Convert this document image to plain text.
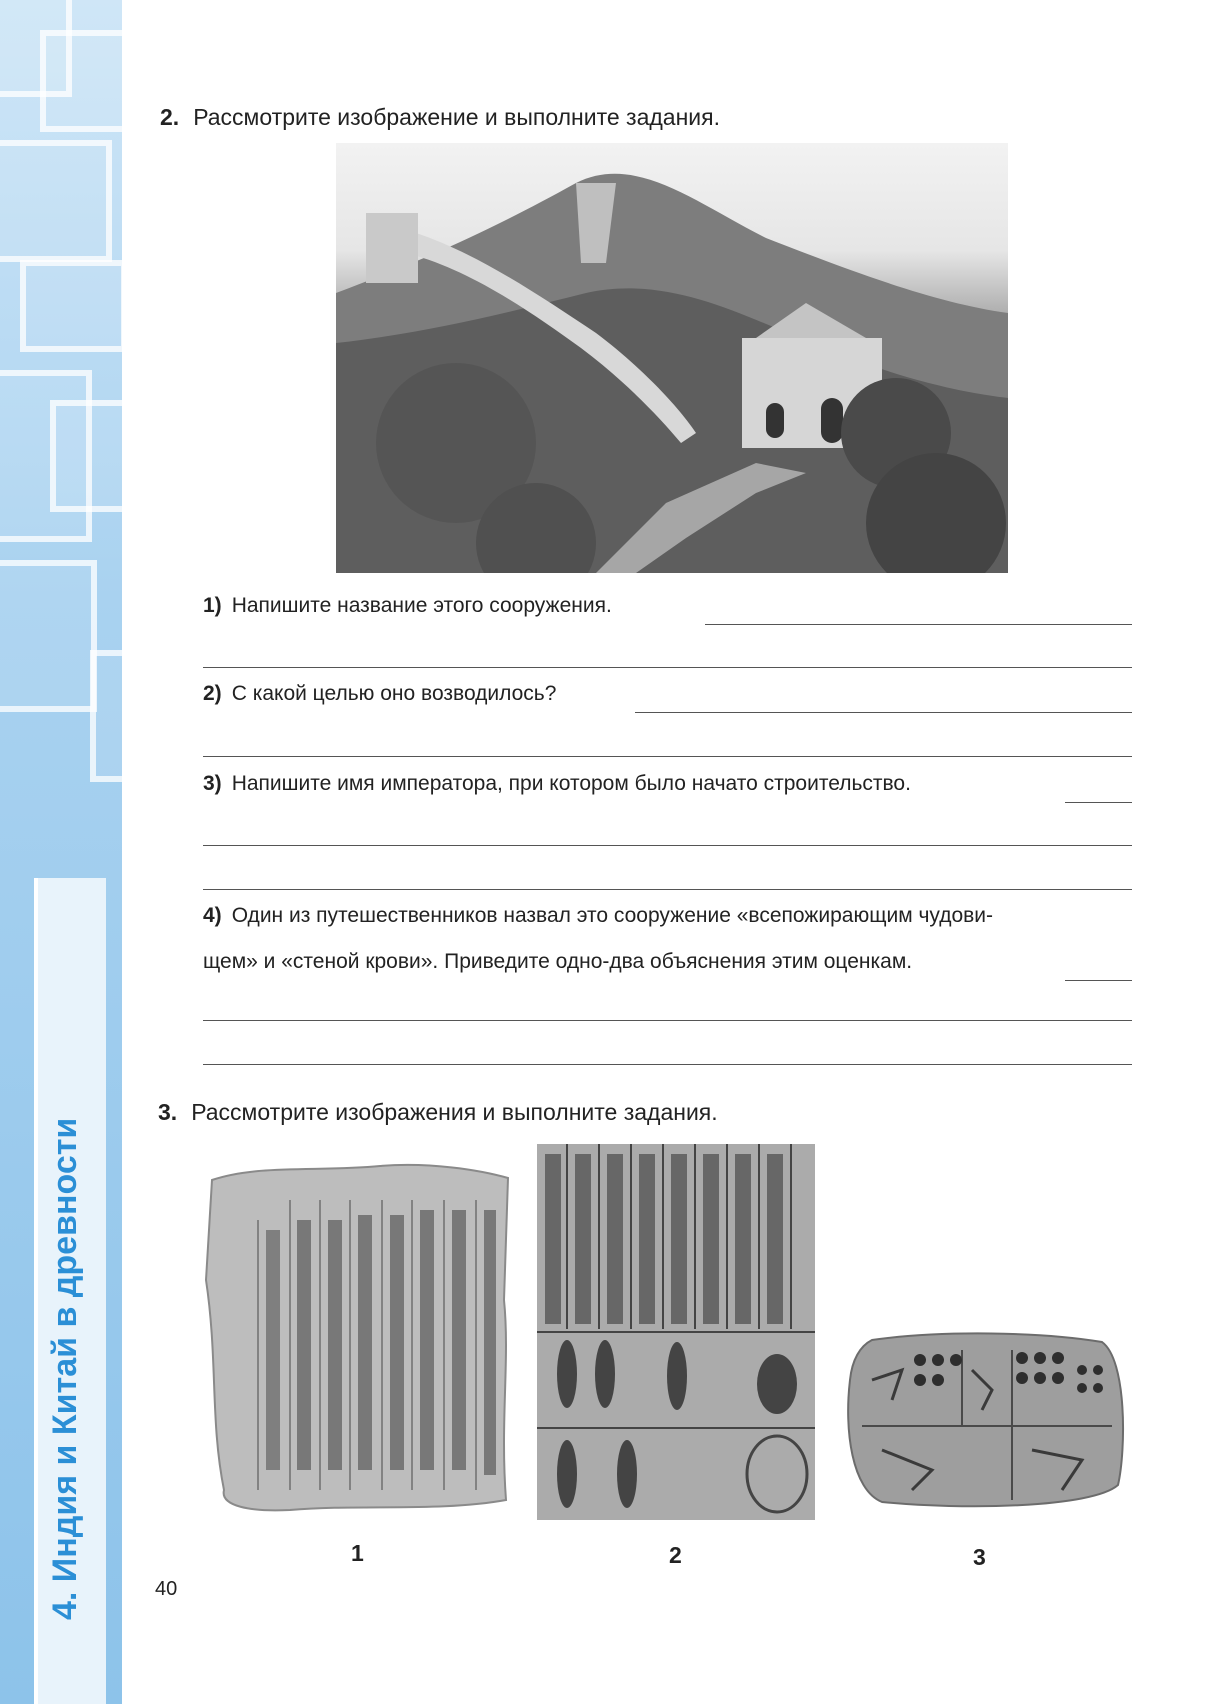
4. Индия и Китай в древности
2. Рассмотрите изображение и выполните задания.
1) Напишите название этого сооружения.
2) С какой целью оно возводилось?
3) Напишите имя императора, при котором было начато строительство.
4) Один из путешественников назвал это сооружение «всепожирающим чудови-
щем» и «стеной крови». Приведите одно-два объяснения этим оценкам.
3. Рассмотрите изображения и выполните задания.
1	2	3
40
